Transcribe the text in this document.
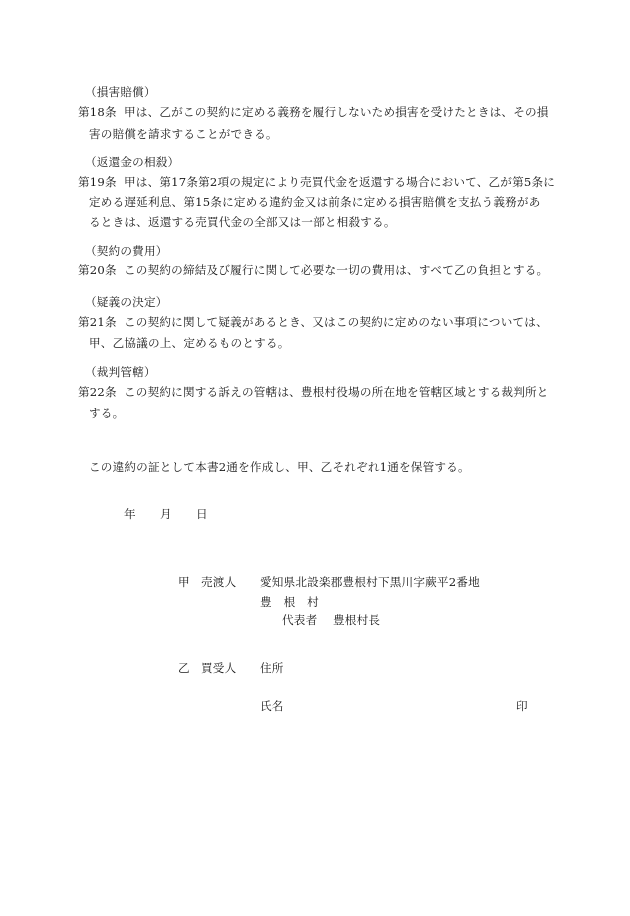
（損害賠償）
第18条 甲は、乙がこの契約に定める義務を履行しないため損害を受けたときは、その損
害の賠償を請求することができる。
（返還金の相殺）
第19条 甲は、第17条第2項の規定により売買代金を返還する場合において、乙が第5条に
定める遅延利息、第15条に定める違約金又は前条に定める損害賠償を支払う義務があ
るときは、返還する売買代金の全部又は一部と相殺する。
（契約の費用）
第20条 この契約の締結及び履行に関して必要な一切の費用は、すべて乙の負担とする。
（疑義の決定）
第21条 この契約に関して疑義があるとき、又はこの契約に定めのない事項については、
甲、乙協議の上、定めるものとする。
（裁判管轄）
第22条 この契約に関する訴えの管轄は、豊根村役場の所在地を管轄区域とする裁判所と
する。
この違約の証として本書2通を作成し、甲、乙それぞれ1通を保管する。
年 月 日
甲 売渡人 愛知県北設楽郡豊根村下黒川字蕨平2番地
豊　根　村
代表者 豊根村長
乙 買受人 住所
氏名	印
